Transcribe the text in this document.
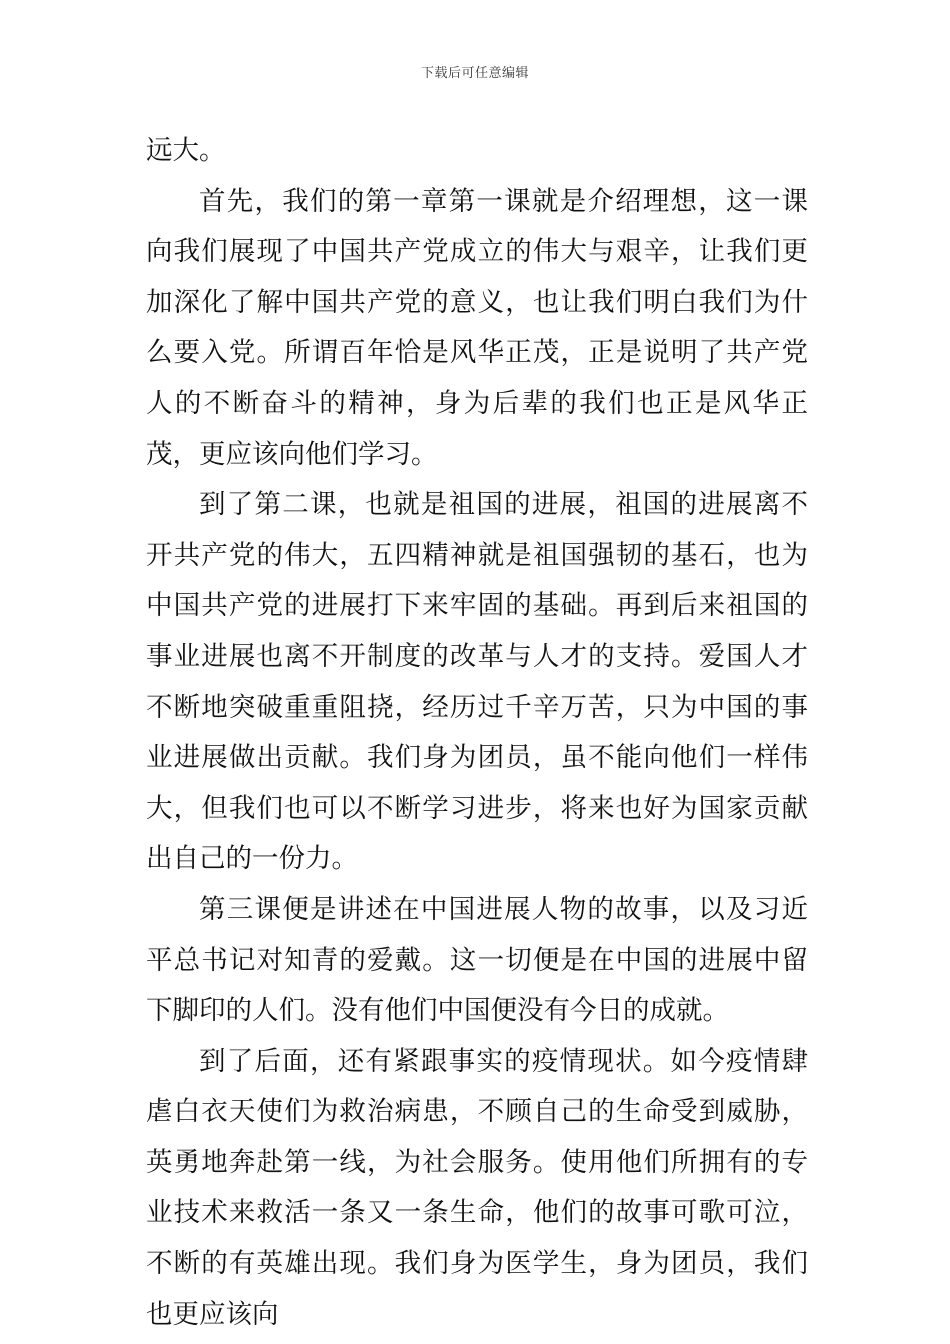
下载后可任意编辑

远大。

首先，我们的第一章第一课就是介绍理想，这一课向我们展现了中国共产党成立的伟大与艰辛，让我们更加深化了解中国共产党的意义，也让我们明白我们为什么要入党。所谓百年恰是风华正茂，正是说明了共产党人的不断奋斗的精神，身为后辈的我们也正是风华正茂，更应该向他们学习。

到了第二课，也就是祖国的进展，祖国的进展离不开共产党的伟大，五四精神就是祖国强韧的基石，也为中国共产党的进展打下来牢固的基础。再到后来祖国的事业进展也离不开制度的改革与人才的支持。爱国人才不断地突破重重阻挠，经历过千辛万苦，只为中国的事业进展做出贡献。我们身为团员，虽不能向他们一样伟大，但我们也可以不断学习进步，将来也好为国家贡献出自己的一份力。

第三课便是讲述在中国进展人物的故事，以及习近平总书记对知青的爱戴。这一切便是在中国的进展中留下脚印的人们。没有他们中国便没有今日的成就。

到了后面，还有紧跟事实的疫情现状。如今疫情肆虐白衣天使们为救治病患，不顾自己的生命受到威胁，英勇地奔赴第一线，为社会服务。使用他们所拥有的专业技术来救活一条又一条生命，他们的故事可歌可泣，不断的有英雄出现。我们身为医学生，身为团员，我们也更应该向
